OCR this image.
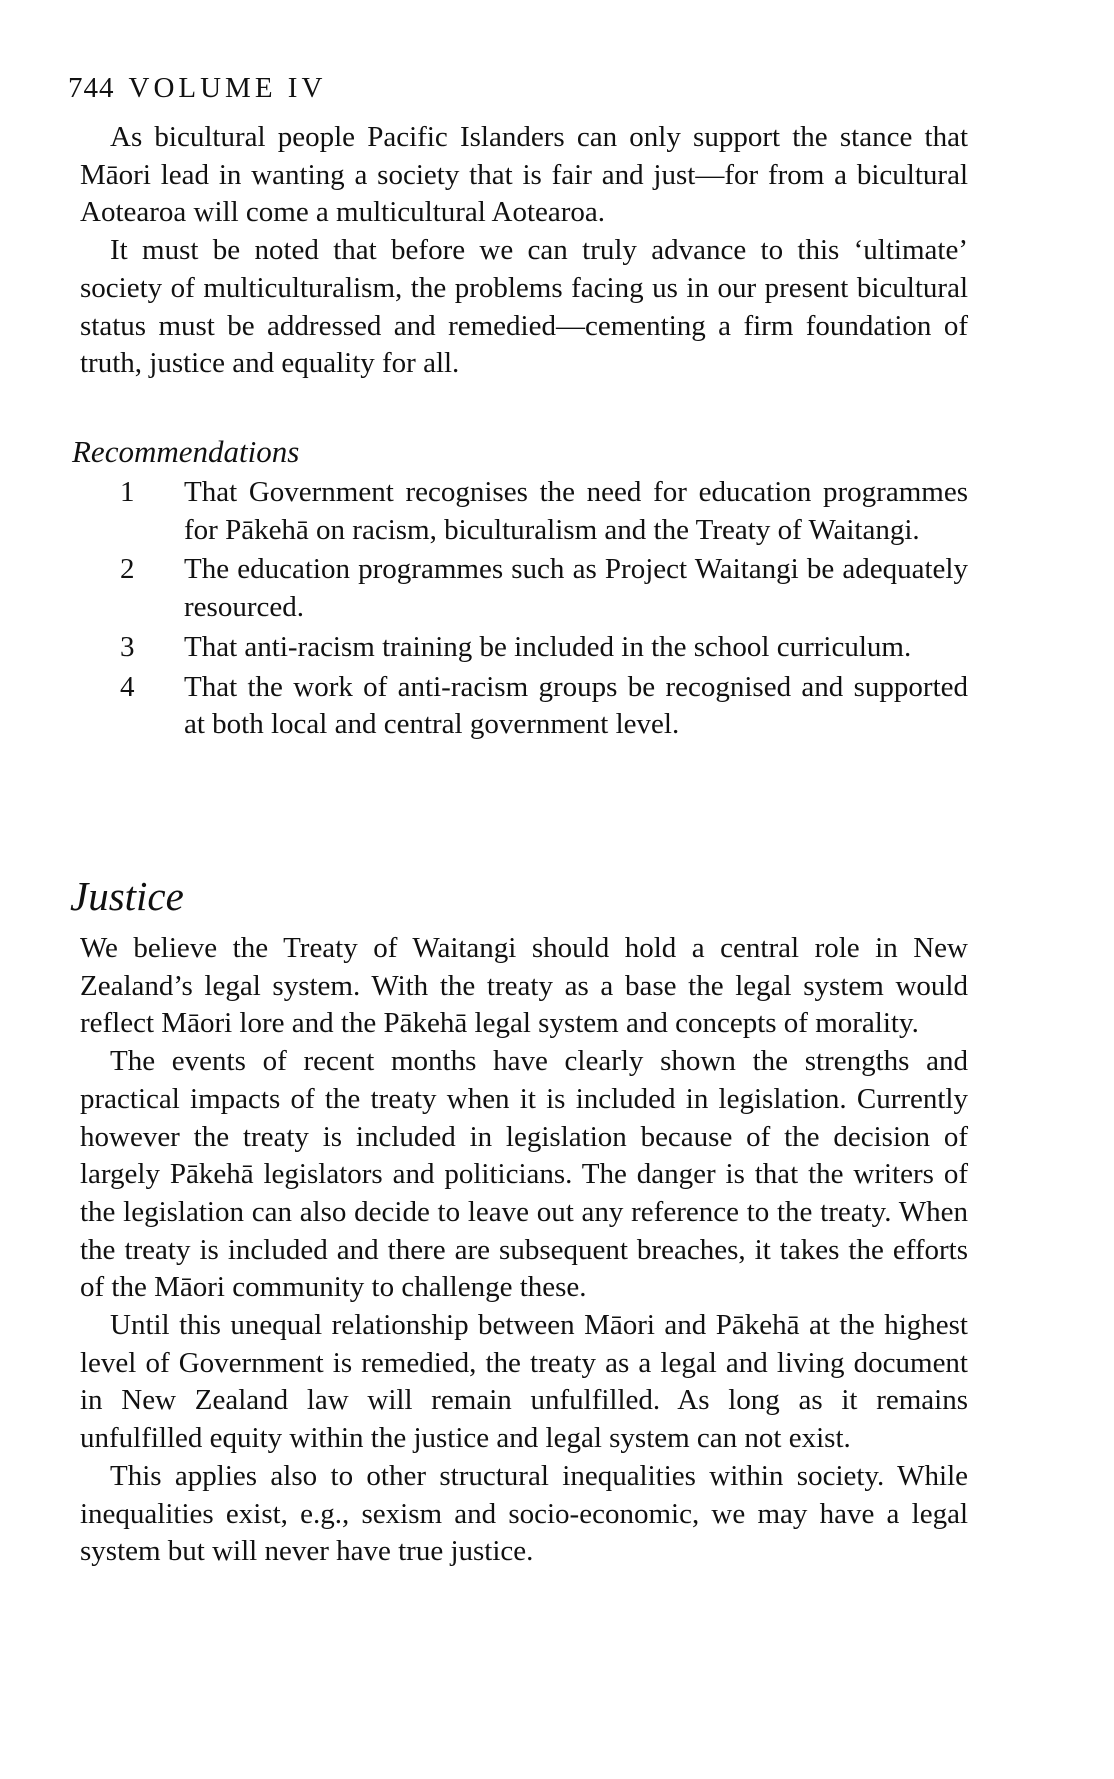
744 VOLUME IV

As bicultural people Pacific Islanders can only support the stance that Māori lead in wanting a society that is fair and just—for from a bicultural Aotearoa will come a multicultural Aotearoa.

It must be noted that before we can truly advance to this ‘ultimate’ society of multiculturalism, the problems facing us in our present bicultural status must be addressed and remedied—cementing a firm foundation of truth, justice and equality for all.

Recommendations
1	That Government recognises the need for education programmes for Pākehā on racism, biculturalism and the Treaty of Waitangi.
2	The education programmes such as Project Waitangi be adequately resourced.
3	That anti-racism training be included in the school curriculum.
4	That the work of anti-racism groups be recognised and supported at both local and central government level.
Justice

We believe the Treaty of Waitangi should hold a central role in New Zealand’s legal system. With the treaty as a base the legal system would reflect Māori lore and the Pākehā legal system and concepts of morality.

The events of recent months have clearly shown the strengths and practical impacts of the treaty when it is included in legislation. Currently however the treaty is included in legislation because of the decision of largely Pākehā legislators and politicians. The danger is that the writers of the legislation can also decide to leave out any reference to the treaty. When the treaty is included and there are subsequent breaches, it takes the efforts of the Māori community to challenge these.

Until this unequal relationship between Māori and Pākehā at the highest level of Government is remedied, the treaty as a legal and living document in New Zealand law will remain unfulfilled. As long as it remains unfulfilled equity within the justice and legal system can not exist.

This applies also to other structural inequalities within society. While inequalities exist, e.g., sexism and socio-economic, we may have a legal system but will never have true justice.
